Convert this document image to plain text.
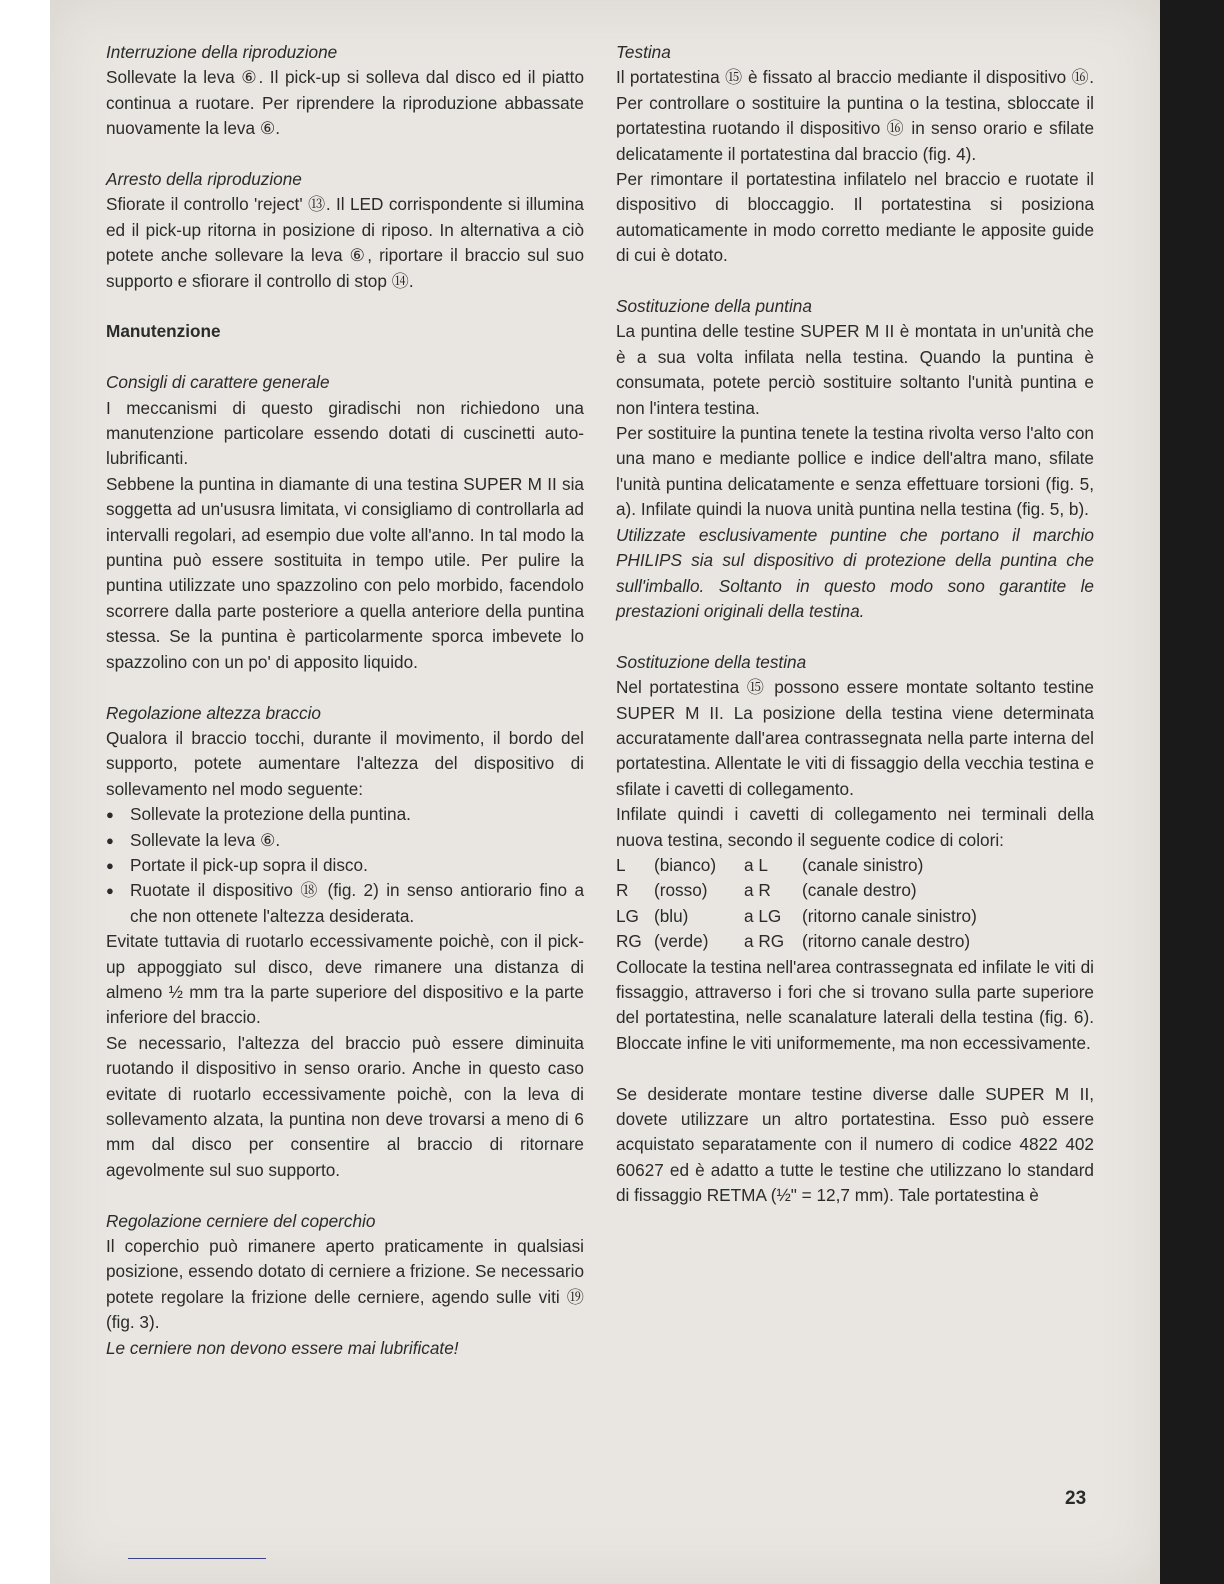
Interruzione della riproduzione

Sollevate la leva ⑥. Il pick-up si solleva dal disco ed il piatto continua a ruotare. Per riprendere la riproduzione abbassate nuovamente la leva ⑥.

Arresto della riproduzione

Sfiorate il controllo 'reject' ⑬. Il LED corrispondente si illumina ed il pick-up ritorna in posizione di riposo. In alternativa a ciò potete anche sollevare la leva ⑥, riportare il braccio sul suo supporto e sfiorare il controllo di stop ⑭.

Manutenzione

Consigli di carattere generale

I meccanismi di questo giradischi non richiedono una manutenzione particolare essendo dotati di cuscinetti auto-lubrificanti.

Sebbene la puntina in diamante di una testina SUPER M II sia soggetta ad un'ususra limitata, vi consigliamo di controllarla ad intervalli regolari, ad esempio due volte all'anno. In tal modo la puntina può essere sostituita in tempo utile. Per pulire la puntina utilizzate uno spazzolino con pelo morbido, facendolo scorrere dalla parte posteriore a quella anteriore della puntina stessa. Se la puntina è particolarmente sporca imbevete lo spazzolino con un po' di apposito liquido.

Regolazione altezza braccio

Qualora il braccio tocchi, durante il movimento, il bordo del supporto, potete aumentare l'altezza del dispositivo di sollevamento nel modo seguente:

● Sollevate la protezione della puntina.
● Sollevate la leva ⑥.
● Portate il pick-up sopra il disco.
● Ruotate il dispositivo ⑱ (fig. 2) in senso antiorario fino a che non ottenete l'altezza desiderata.

Evitate tuttavia di ruotarlo eccessivamente poichè, con il pick-up appoggiato sul disco, deve rimanere una distanza di almeno ½ mm tra la parte superiore del dispositivo e la parte inferiore del braccio.

Se necessario, l'altezza del braccio può essere diminuita ruotando il dispositivo in senso orario. Anche in questo caso evitate di ruotarlo eccessivamente poichè, con la leva di sollevamento alzata, la puntina non deve trovarsi a meno di 6 mm dal disco per consentire al braccio di ritornare agevolmente sul suo supporto.

Regolazione cerniere del coperchio

Il coperchio può rimanere aperto praticamente in qualsiasi posizione, essendo dotato di cerniere a frizione. Se necessario potete regolare la frizione delle cerniere, agendo sulle viti ⑲ (fig. 3).

Le cerniere non devono essere mai lubrificate!

Testina

Il portatestina ⑮ è fissato al braccio mediante il dispositivo ⑯. Per controllare o sostituire la puntina o la testina, sbloccate il portatestina ruotando il dispositivo ⑯ in senso orario e sfilate delicatamente il portatestina dal braccio (fig. 4).

Per rimontare il portatestina infilatelo nel braccio e ruotate il dispositivo di bloccaggio. Il portatestina si posiziona automaticamente in modo corretto mediante le apposite guide di cui è dotato.

Sostituzione della puntina

La puntina delle testine SUPER M II è montata in un'unità che è a sua volta infilata nella testina. Quando la puntina è consumata, potete perciò sostituire soltanto l'unità puntina e non l'intera testina.

Per sostituire la puntina tenete la testina rivolta verso l'alto con una mano e mediante pollice e indice dell'altra mano, sfilate l'unità puntina delicatamente e senza effettuare torsioni (fig. 5, a). Infilate quindi la nuova unità puntina nella testina (fig. 5, b).

Utilizzate esclusivamente puntine che portano il marchio PHILIPS sia sul dispositivo di protezione della puntina che sull'imballo. Soltanto in questo modo sono garantite le prestazioni originali della testina.

Sostituzione della testina

Nel portatestina ⑮ possono essere montate soltanto testine SUPER M II. La posizione della testina viene determinata accuratamente dall'area contrassegnata nella parte interna del portatestina. Allentate le viti di fissaggio della vecchia testina e sfilate i cavetti di collegamento.

Infilate quindi i cavetti di collegamento nei terminali della nuova testina, secondo il seguente codice di colori:

L	(bianco)	a L	(canale sinistro)
R	(rosso)	a R	(canale destro)
LG	(blu)	a LG	(ritorno canale sinistro)
RG	(verde)	a RG	(ritorno canale destro)

Collocate la testina nell'area contrassegnata ed infilate le viti di fissaggio, attraverso i fori che si trovano sulla parte superiore del portatestina, nelle scanalature laterali della testina (fig. 6). Bloccate infine le viti uniformemente, ma non eccessivamente.

Se desiderate montare testine diverse dalle SUPER M II, dovete utilizzare un altro portatestina. Esso può essere acquistato separatamente con il numero di codice 4822 402 60627 ed è adatto a tutte le testine che utilizzano lo standard di fissaggio RETMA (½" = 12,7 mm). Tale portatestina è

23
